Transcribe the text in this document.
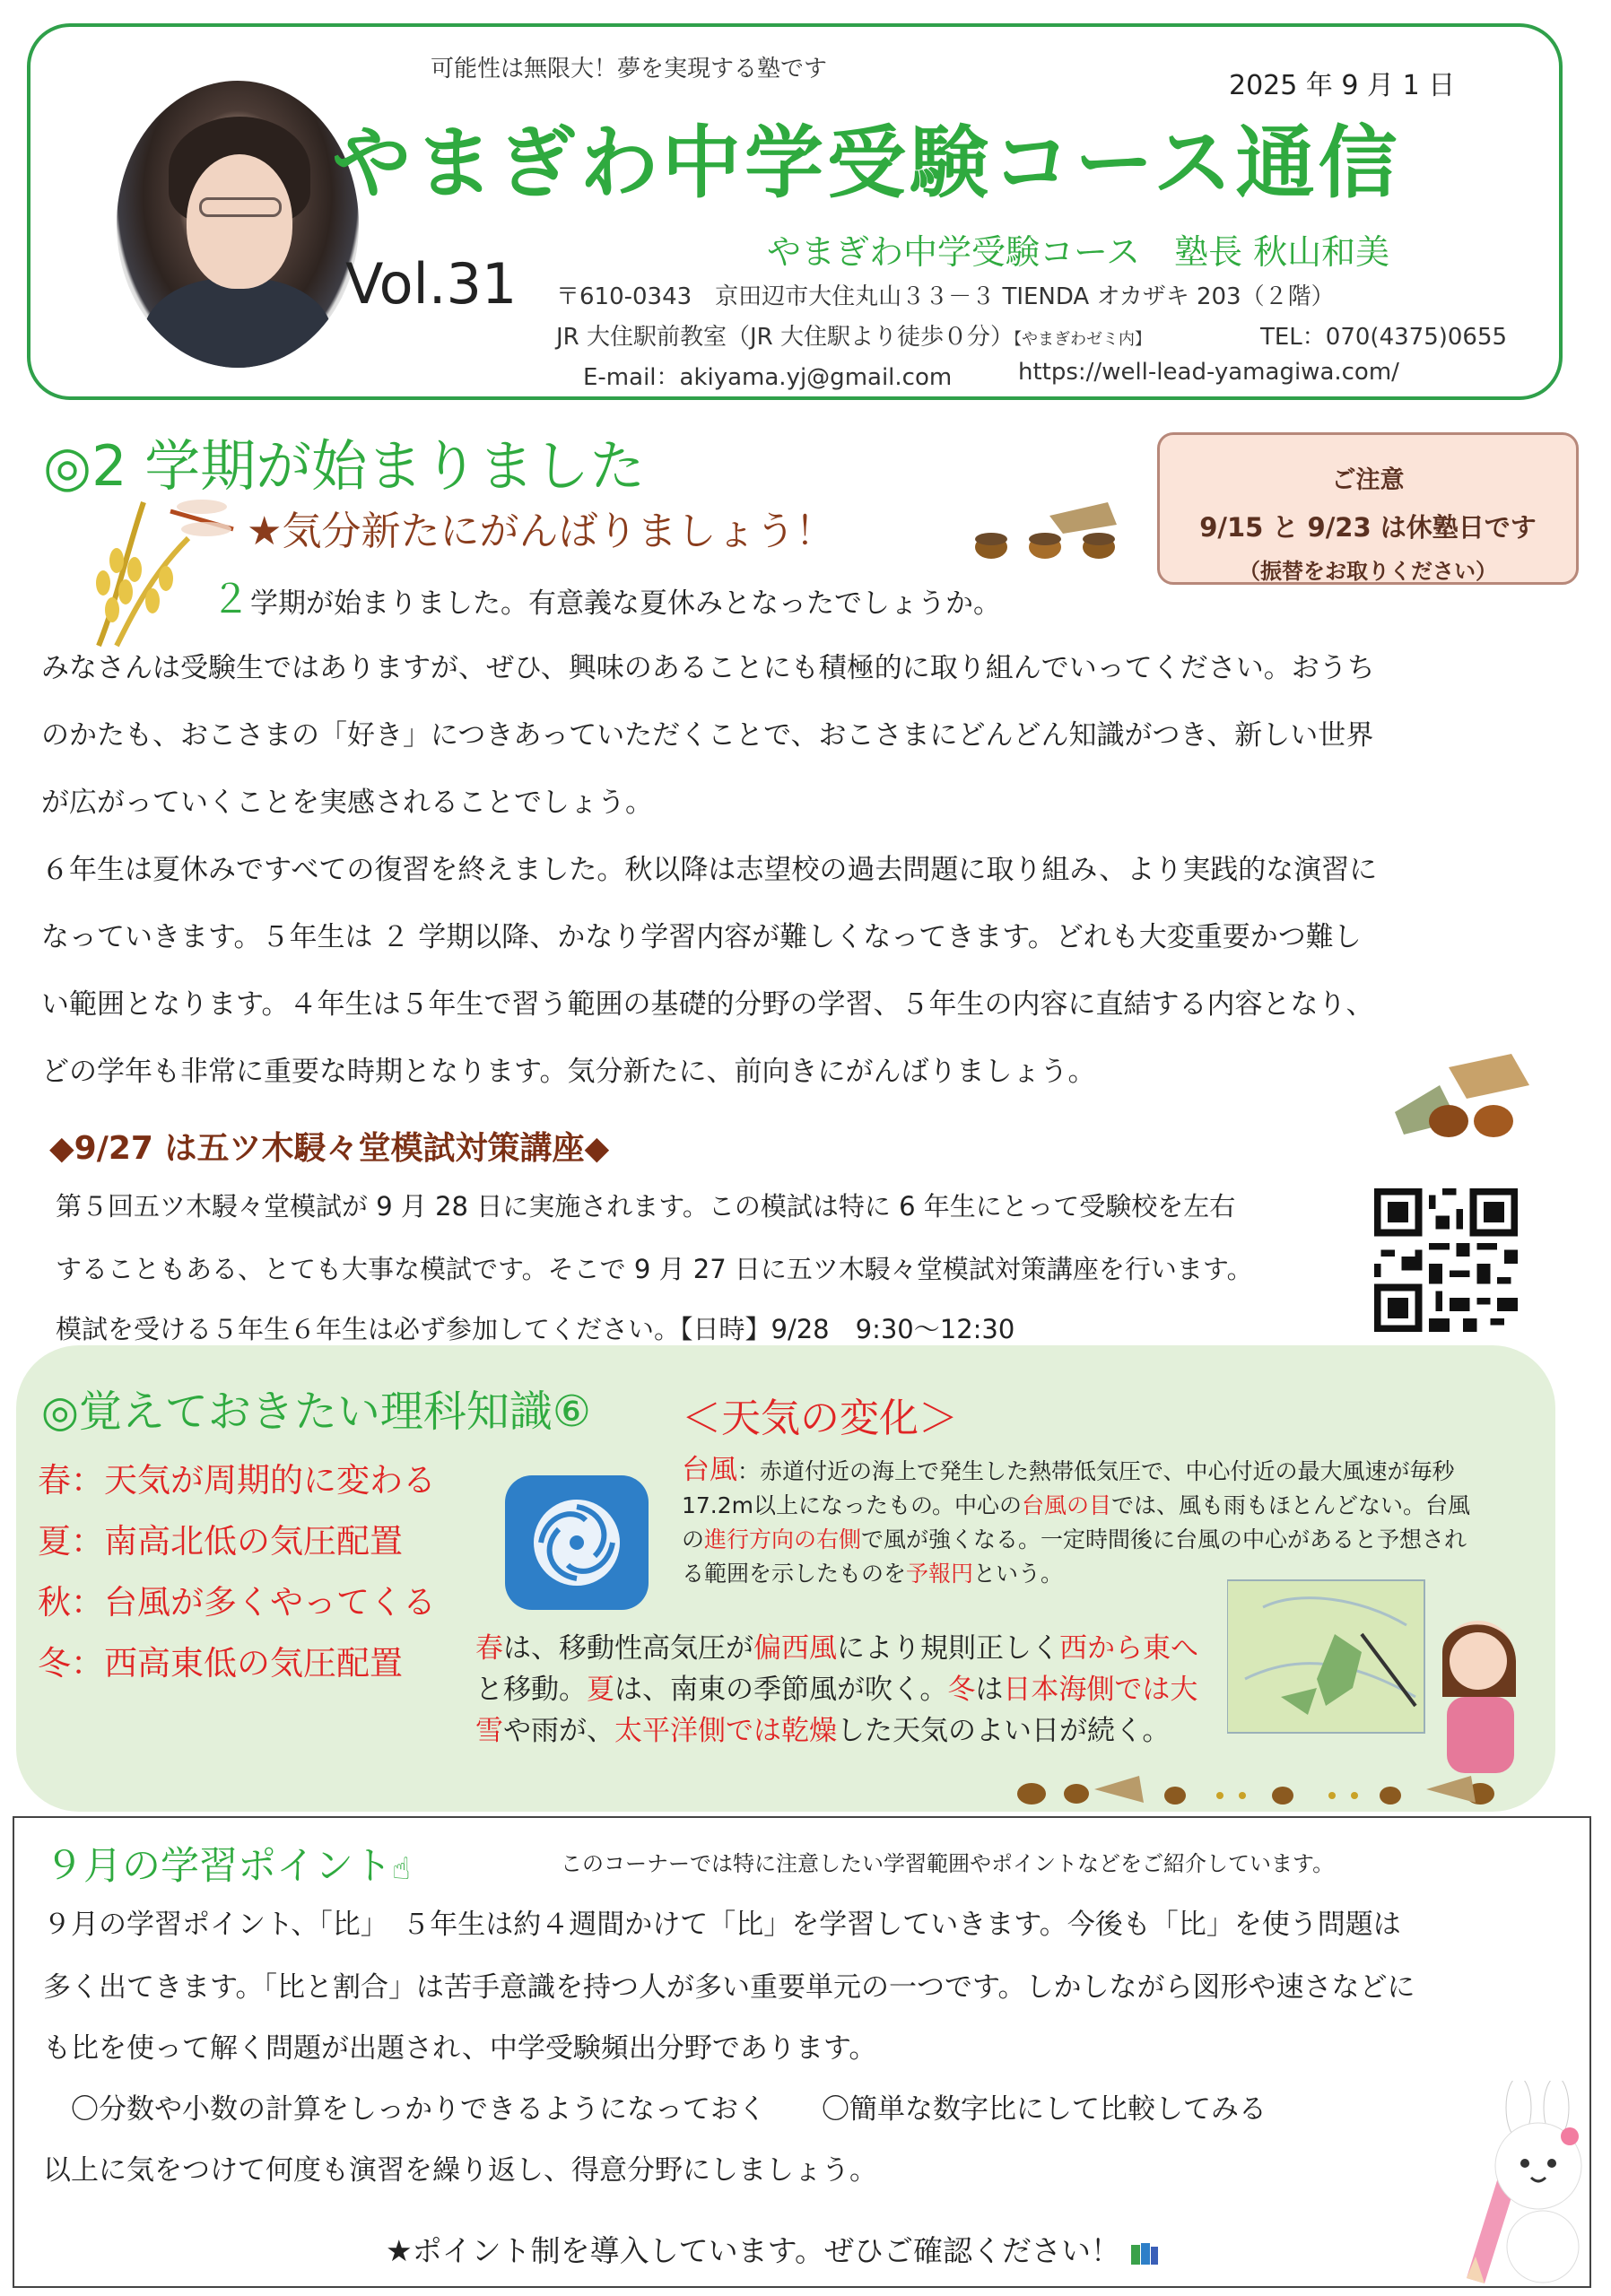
可能性は無限大！夢を実現する塾です
2025 年 9 月 1 日
やまぎわ中学受験コース通信
Vol.31	やまぎわ中学受験コース　塾長 秋山和美
〒610-0343　京田辺市大住丸山３３－３ TIENDA オカザキ 203（２階）
JR 大住駅前教室（JR 大住駅より徒歩０分）【やまぎわゼミ内】	TEL：070(4375)0655
E-mail：akiyama.yj@gmail.com	https://well-lead-yamagiwa.com/
◎2 学期が始まりました	ご注意
9/15 と 9/23 は休塾日です
（振替をお取りください）
★気分新たにがんばりましょう！
２学期が始まりました。有意義な夏休みとなったでしょうか。
みなさんは受験生ではありますが、ぜひ、興味のあることにも積極的に取り組んでいってください。おうち
のかたも、おこさまの「好き」につきあっていただくことで、おこさまにどんどん知識がつき、新しい世界
が広がっていくことを実感されることでしょう。
６年生は夏休みですべての復習を終えました。秋以降は志望校の過去問題に取り組み、より実践的な演習に
なっていきます。５年生は ２ 学期以降、かなり学習内容が難しくなってきます。どれも大変重要かつ難し
い範囲となります。４年生は５年生で習う範囲の基礎的分野の学習、５年生の内容に直結する内容となり、
どの学年も非常に重要な時期となります。気分新たに、前向きにがんばりましょう。
◆9/27 は五ツ木駸々堂模試対策講座◆
第５回五ツ木駸々堂模試が 9 月 28 日に実施されます。この模試は特に 6 年生にとって受験校を左右
することもある、とても大事な模試です。そこで 9 月 27 日に五ツ木駸々堂模試対策講座を行います。
模試を受ける５年生６年生は必ず参加してください。【日時】9/28　9:30～12:30
◎覚えておきたい理科知識⑥
春：天気が周期的に変わる
夏：南高北低の気圧配置
秋：台風が多くやってくる
冬：西高東低の気圧配置
＜天気の変化＞
台風：赤道付近の海上で発生した熱帯低気圧で、中心付近の最大風速が毎秒
17.2m以上になったもの。中心の台風の目では、風も雨もほとんどない。台風
の進行方向の右側で風が強くなる。一定時間後に台風の中心があると予想され
る範囲を示したものを予報円という。
春は、移動性高気圧が偏西風により規則正しく西から東へ
と移動。夏は、南東の季節風が吹く。冬は日本海側では大
雪や雨が、太平洋側では乾燥した天気のよい日が続く。
９月の学習ポイント☝	このコーナーでは特に注意したい学習範囲やポイントなどをご紹介しています。
９月の学習ポイント、「比」　５年生は約４週間かけて「比」を学習していきます。今後も「比」を使う問題は
多く出てきます。「比と割合」は苦手意識を持つ人が多い重要単元の一つです。しかしながら図形や速さなどに
も比を使って解く問題が出題され、中学受験頻出分野であります。
　〇分数や小数の計算をしっかりできるようになっておく　　〇簡単な数字比にして比較してみる
以上に気をつけて何度も演習を繰り返し、得意分野にしましょう。
★ポイント制を導入しています。ぜひご確認ください！
